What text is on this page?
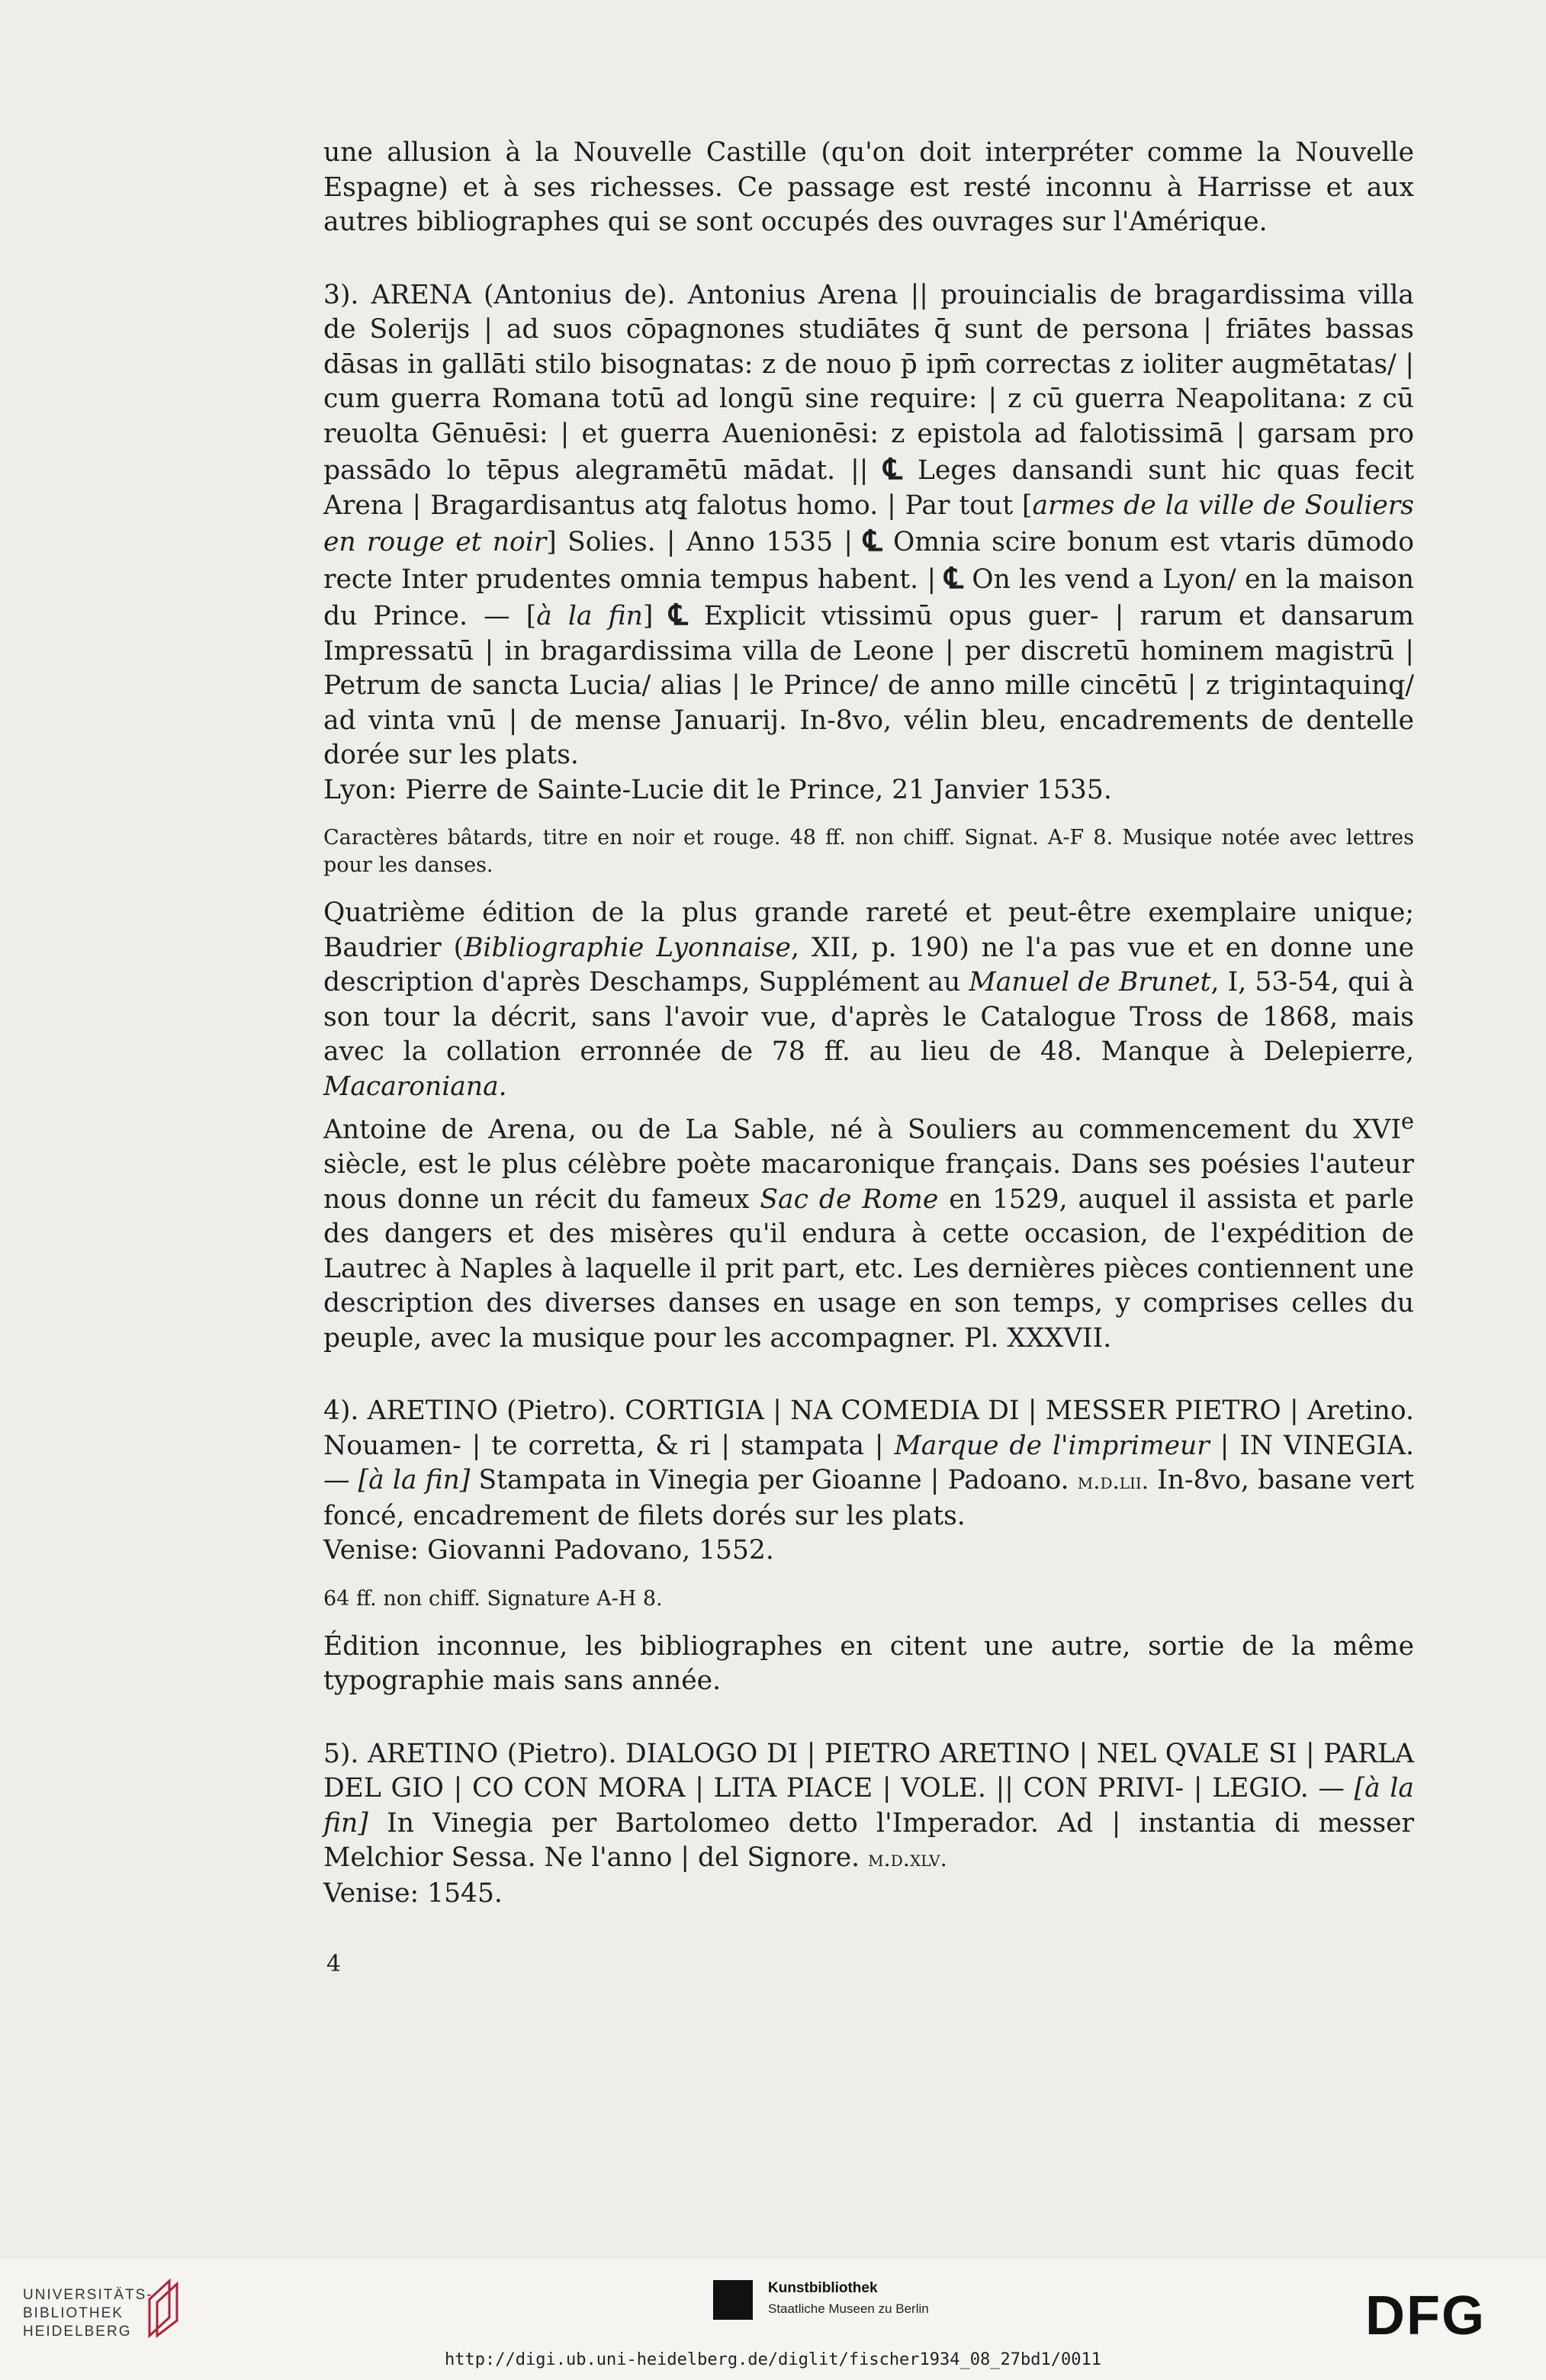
une allusion à la Nouvelle Castille (qu'on doit interpréter comme la Nouvelle Espagne) et à ses richesses. Ce passage est resté inconnu à Harrisse et aux autres bibliographes qui se sont occupés des ouvrages sur l'Amérique.

3). ARENA (Antonius de). Antonius Arena || prouincialis de bragardissima villa de Solerijs | ad suos cōpagnones studiātes q̄ sunt de persona | friātes bassas dāsas in gallāti stilo bisognatas: z de nouo p̄ ipm̄ correctas z ioliter augmētatas/ | cum guerra Romana totū ad longū sine require: | z cū guerra Neapolitana: z cū reuolta Gēnuēsi: | et guerra Auenionēsi: z epistola ad falotissimā | garsam pro passādo lo tēpus alegramētū mādat. || ℄ Leges dansandi sunt hic quas fecit Arena | Bragardisantus atq̧ falotus homo. | Par tout [armes de la ville de Souliers en rouge et noir] Solies. | Anno 1535 | ℄ Omnia scire bonum est vtaris dūmodo recte Inter prudentes omnia tempus habent. | ℄ On les vend a Lyon/ en la maison du Prince. — [à la fin] ℄ Explicit vtissimū opus guer- | rarum et dansarum Impressatū | in bragardissima villa de Leone | per discretū hominem magistrū | Petrum de sancta Lucia/ alias | le Prince/ de anno mille cincētū | z trigintaquinq̧/ ad vinta vnū | de mense Januarij. In-8vo, vélin bleu, encadrements de dentelle dorée sur les plats.

Lyon: Pierre de Sainte-Lucie dit le Prince, 21 Janvier 1535.

Caractères bâtards, titre en noir et rouge. 48 ff. non chiff. Signat. A-F 8. Musique notée avec lettres pour les danses.

Quatrième édition de la plus grande rareté et peut-être exemplaire unique; Baudrier (Bibliographie Lyonnaise, XII, p. 190) ne l'a pas vue et en donne une description d'après Deschamps, Supplément au Manuel de Brunet, I, 53-54, qui à son tour la décrit, sans l'avoir vue, d'après le Catalogue Tross de 1868, mais avec la collation erronnée de 78 ff. au lieu de 48. Manque à Delepierre, Macaroniana.

Antoine de Arena, ou de La Sable, né à Souliers au commencement du XVIe siècle, est le plus célèbre poète macaronique français. Dans ses poésies l'auteur nous donne un récit du fameux Sac de Rome en 1529, auquel il assista et parle des dangers et des misères qu'il endura à cette occasion, de l'expédition de Lautrec à Naples à laquelle il prit part, etc. Les dernières pièces contiennent une description des diverses danses en usage en son temps, y comprises celles du peuple, avec la musique pour les accompagner. Pl. XXXVII.

4). ARETINO (Pietro). CORTIGIA | NA COMEDIA DI | MESSER PIETRO | Aretino. Nouamen- | te corretta, & ri | stampata | Marque de l'imprimeur | IN VINEGIA. — [à la fin] Stampata in Vinegia per Gioanne | Padoano. m.d.lii. In-8vo, basane vert foncé, encadrement de filets dorés sur les plats.

Venise: Giovanni Padovano, 1552.

64 ff. non chiff. Signature A-H 8.

Édition inconnue, les bibliographes en citent une autre, sortie de la même typographie mais sans année.

5). ARETINO (Pietro). DIALOGO DI | PIETRO ARETINO | NEL QVALE SI | PARLA DEL GIO | CO CON MORA | LITA PIACE | VOLE. || CON PRIVI- | LEGIO. — [à la fin] In Vinegia per Bartolomeo detto l'Imperador. Ad | instantia di messer Melchior Sessa. Ne l'anno | del Signore. m.d.xlv.

Venise: 1545.

4
UNIVERSITÄTS-
BIBLIOTHEK
HEIDELBERG
Kunstbibliothek
Staatliche Museen zu Berlin	DFG
http://digi.ub.uni-heidelberg.de/diglit/fischer1934_08_27bd1/0011
